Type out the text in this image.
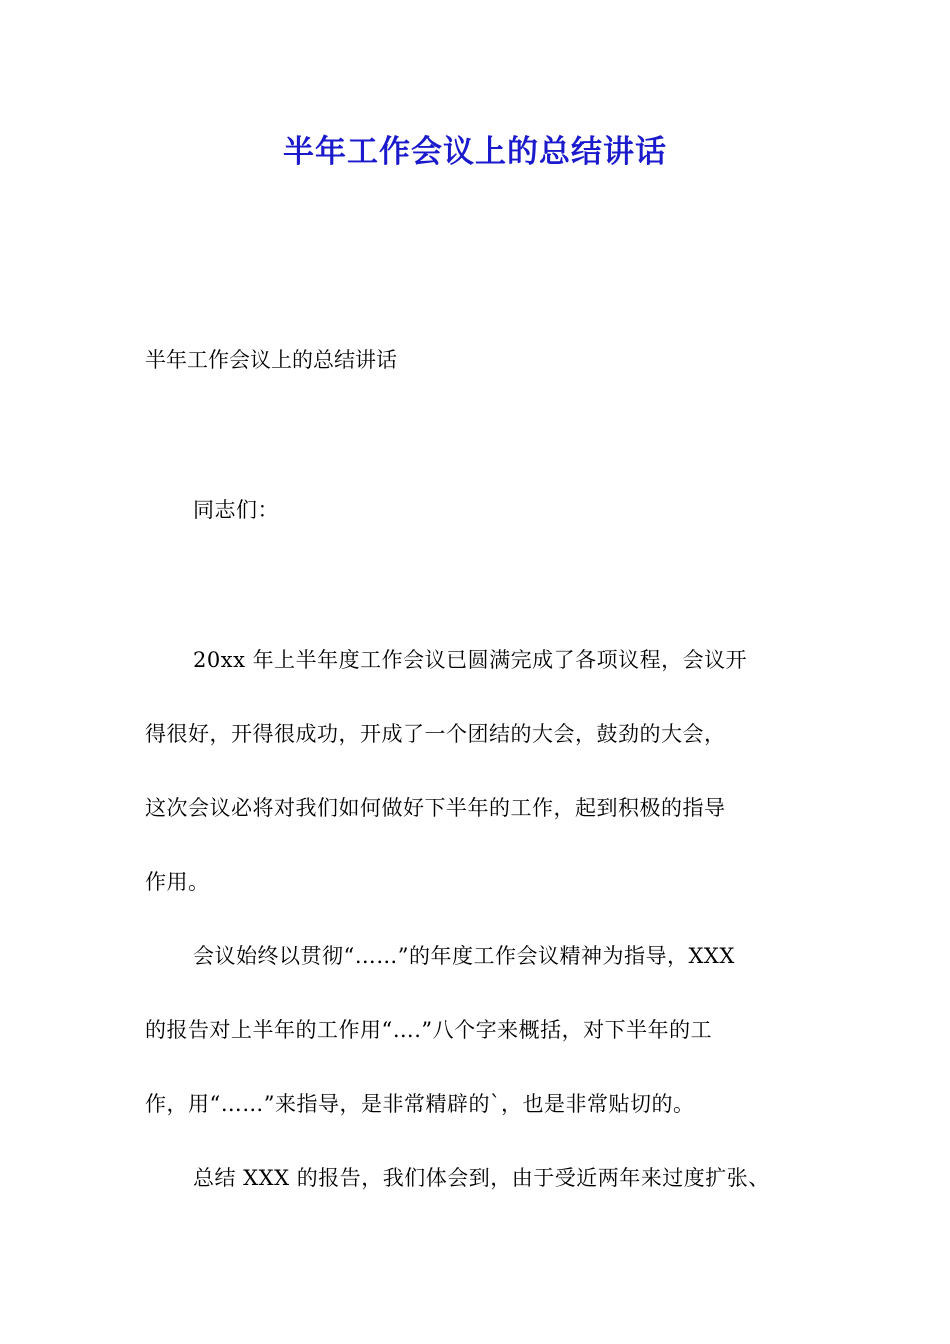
半年工作会议上的总结讲话

半年工作会议上的总结讲话

同志们：

20xx 年上半年度工作会议已圆满完成了各项议程，会议开

得很好，开得很成功，开成了一个团结的大会，鼓劲的大会，

这次会议必将对我们如何做好下半年的工作，起到积极的指导

作用。

会议始终以贯彻“……”的年度工作会议精神为指导，XXX

的报告对上半年的工作用“….”八个字来概括，对下半年的工

作，用“……”来指导，是非常精辟的`，也是非常贴切的。

总结 XXX 的报告，我们体会到，由于受近两年来过度扩张、
